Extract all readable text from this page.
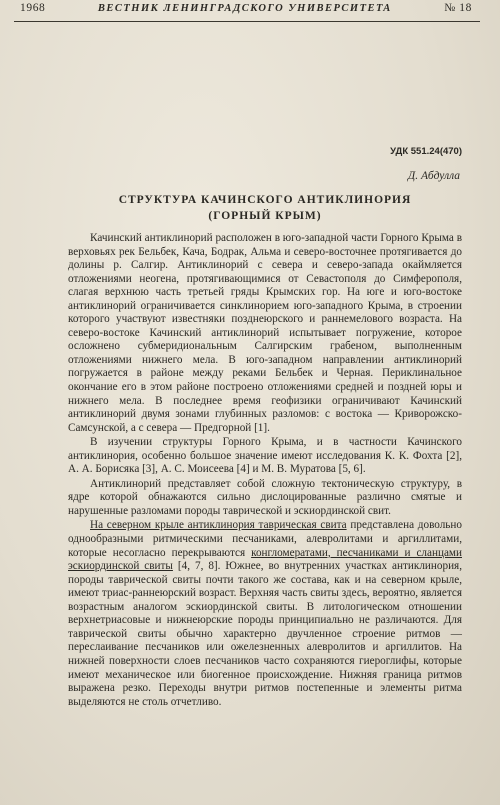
1968	ВЕСТНИК ЛЕНИНГРАДСКОГО УНИВЕРСИТЕТА	№ 18
УДК 551.24(470)
Д. Абдулла
СТРУКТУРА КАЧИНСКОГО АНТИКЛИНОРИЯ
(ГОРНЫЙ КРЫМ)

Качинский антиклинорий расположен в юго-западной части Горного Крыма в верховьях рек Бельбек, Кача, Бодрак, Альма и северо-восточнее протягивается до долины р. Салгир. Антиклинорий с севера и северо-запада окаймляется отложениями неогена, протягивающимися от Севастополя до Симферополя, слагая верхнюю часть третьей гряды Крымских гор. На юге и юго-востоке антиклинорий ограничивается синклинорием юго-западного Крыма, в строении которого участвуют известняки позднеюрского и раннемелового возраста. На северо-востоке Качинский антиклинорий испытывает погружение, которое осложнено субмеридиональным Салгирским грабеном, выполненным отложениями нижнего мела. В юго-западном направлении антиклинорий погружается в районе между реками Бельбек и Черная. Периклинальное окончание его в этом районе построено отложениями средней и поздней юры и нижнего мела. В последнее время геофизики ограничивают Качинский антиклинорий двумя зонами глубинных разломов: с востока — Криворожско-Самсунской, а с севера — Предгорной [1].

В изучении структуры Горного Крыма, и в частности Качинского антиклинория, особенно большое значение имеют исследования К. К. Фохта [2], А. А. Борисяка [3], А. С. Моисеева [4] и М. В. Муратова [5, 6].

Антиклинорий представляет собой сложную тектоническую структуру, в ядре которой обнажаются сильно дислоцированные различно смятые и нарушенные разломами породы таврической и эскиординской свит.

На северном крыле антиклинория таврическая свита представлена довольно однообразными ритмическими песчаниками, алевролитами и аргиллитами, которые несогласно перекрываются конгломератами, песчаниками и сланцами эскиординской свиты [4, 7, 8]. Южнее, во внутренних участках антиклинория, породы таврической свиты почти такого же состава, как и на северном крыле, имеют триас-раннеюрский возраст. Верхняя часть свиты здесь, вероятно, является возрастным аналогом эскиординской свиты. В литологическом отношении верхнетриасовые и нижнеюрские породы принципиально не различаются. Для таврической свиты обычно характерно двучленное строение ритмов — переслаивание песчаников или ожелезненных алевролитов и аргиллитов. На нижней поверхности слоев песчаников часто сохраняются гиероглифы, которые имеют механическое или биогенное происхождение. Нижняя граница ритмов выражена резко. Переходы внутри ритмов постепенные и элементы ритма выделяются не столь отчетливо.
